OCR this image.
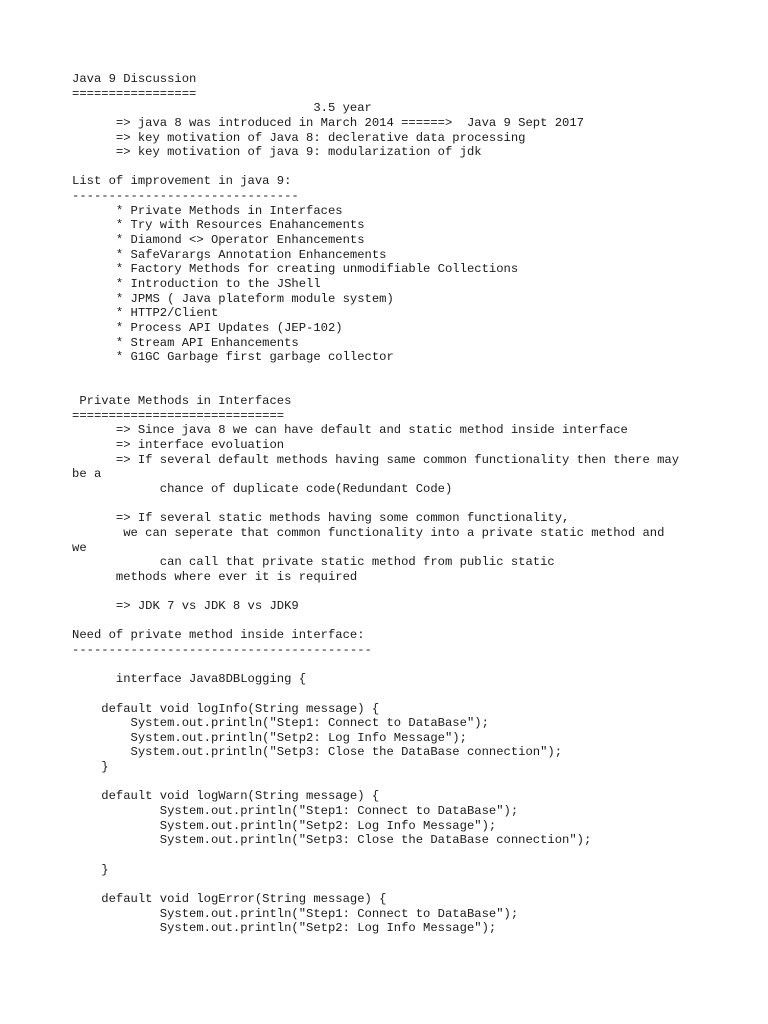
Java 9 Discussion
=================
3.5 year
=> java 8 was introduced in March 2014 ======>  Java 9 Sept 2017
=> key motivation of Java 8: declerative data processing
=> key motivation of java 9: modularization of jdk

List of improvement in java 9:
-------------------------------
* Private Methods in Interfaces
* Try with Resources Enahancements
* Diamond <> Operator Enhancements
* SafeVarargs Annotation Enhancements
* Factory Methods for creating unmodifiable Collections
* Introduction to the JShell
* JPMS ( Java plateform module system)
* HTTP2/Client
* Process API Updates (JEP-102)
* Stream API Enhancements
* G1GC Garbage first garbage collector

Private Methods in Interfaces
=============================
=> Since java 8 we can have default and static method inside interface
=> interface evoluation
=> If several default methods having same common functionality then there may
be a
chance of duplicate code(Redundant Code)

=> If several static methods having some common functionality,
we can seperate that common functionality into a private static method and
we
can call that private static method from public static
methods where ever it is required

=> JDK 7 vs JDK 8 vs JDK9

Need of private method inside interface:
-----------------------------------------

interface Java8DBLogging {

default void logInfo(String message) {
System.out.println("Step1: Connect to DataBase");
System.out.println("Setp2: Log Info Message");
System.out.println("Setp3: Close the DataBase connection");
}

default void logWarn(String message) {
System.out.println("Step1: Connect to DataBase");
System.out.println("Setp2: Log Info Message");
System.out.println("Setp3: Close the DataBase connection");

}

default void logError(String message) {
System.out.println("Step1: Connect to DataBase");
System.out.println("Setp2: Log Info Message");
